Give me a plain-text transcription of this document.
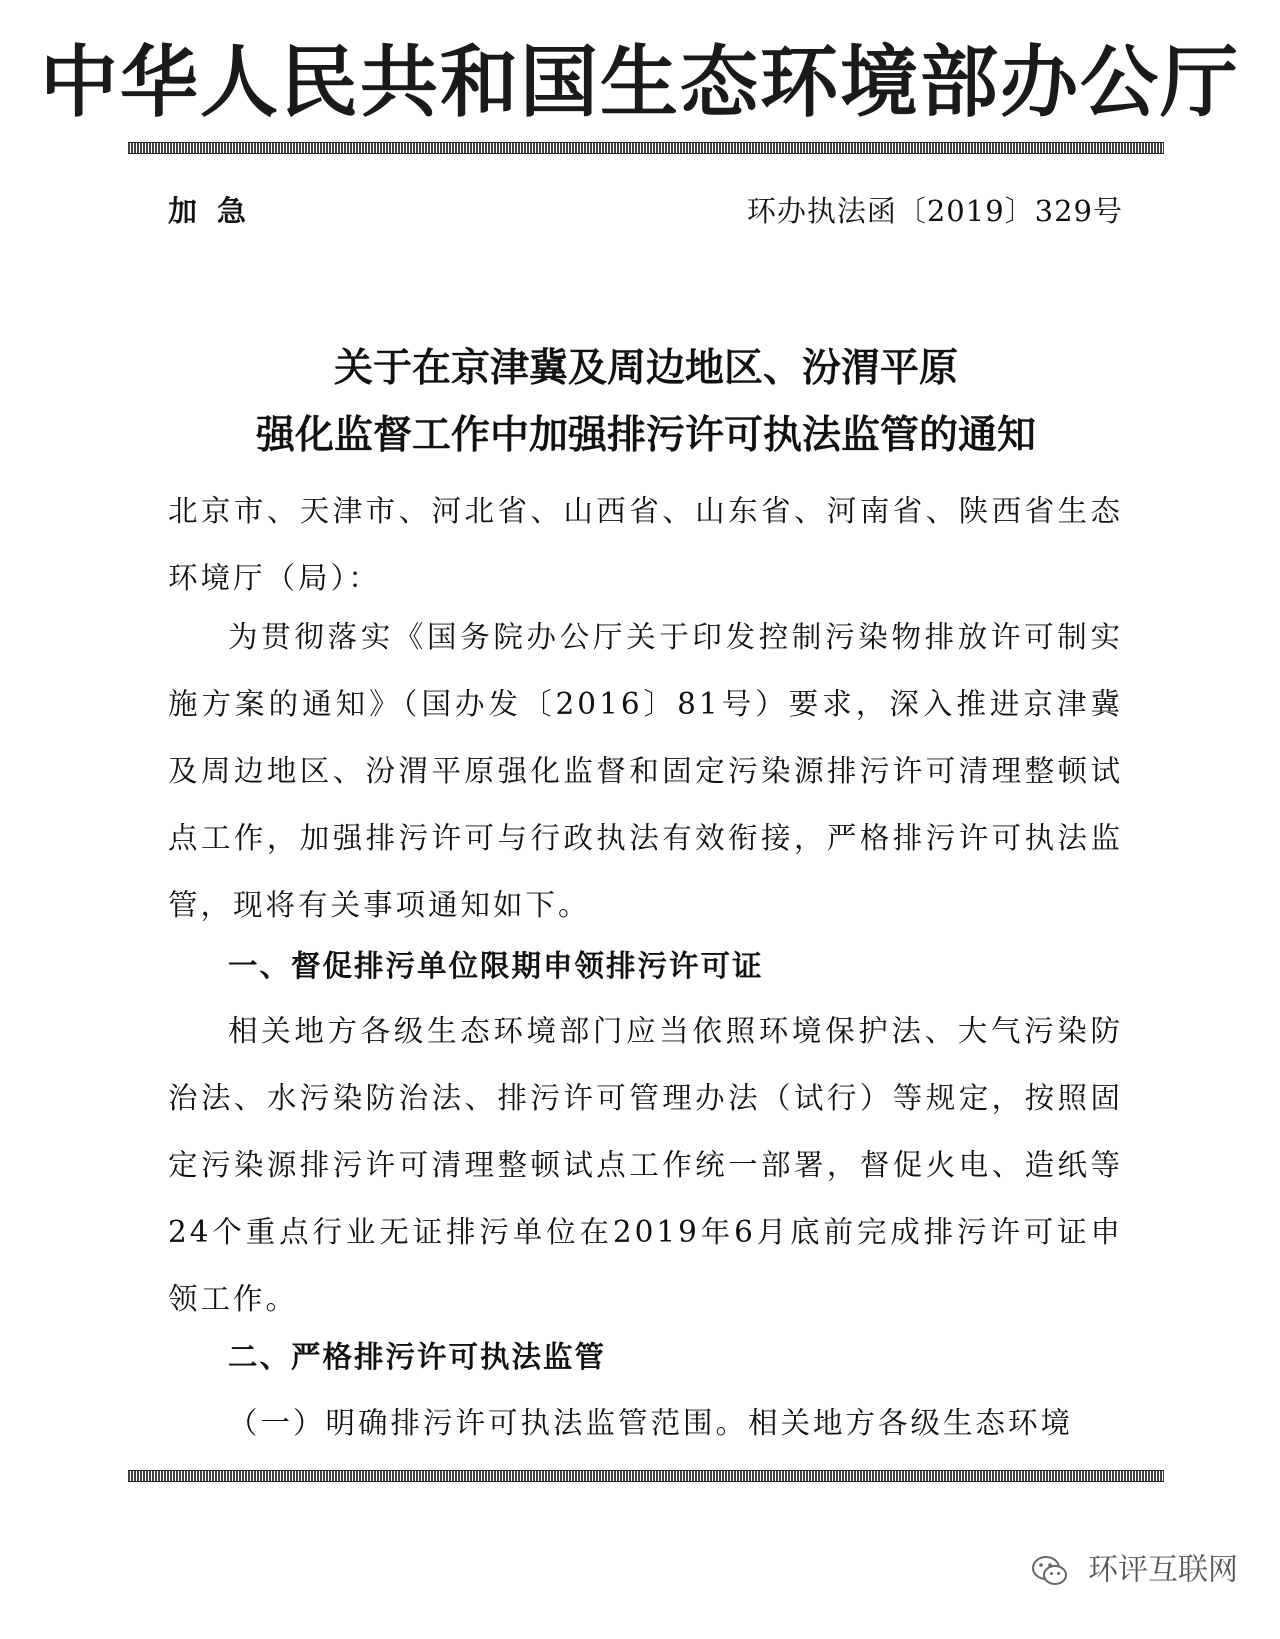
中华人民共和国生态环境部办公厅
加急	环办执法函〔2019〕329号
关于在京津冀及周边地区、汾渭平原
强化监督工作中加强排污许可执法监管的通知

北京市、天津市、河北省、山西省、山东省、河南省、陕西省生态环境厅（局）：

为贯彻落实《国务院办公厅关于印发控制污染物排放许可制实施方案的通知》（国办发〔2016〕81号）要求，深入推进京津冀及周边地区、汾渭平原强化监督和固定污染源排污许可清理整顿试点工作，加强排污许可与行政执法有效衔接，严格排污许可执法监管，现将有关事项通知如下。

一、督促排污单位限期申领排污许可证

相关地方各级生态环境部门应当依照环境保护法、大气污染防治法、水污染防治法、排污许可管理办法（试行）等规定，按照固定污染源排污许可清理整顿试点工作统一部署，督促火电、造纸等24个重点行业无证排污单位在2019年6月底前完成排污许可证申领工作。

二、严格排污许可执法监管

（一）明确排污许可执法监管范围。相关地方各级生态环境

环评互联网
